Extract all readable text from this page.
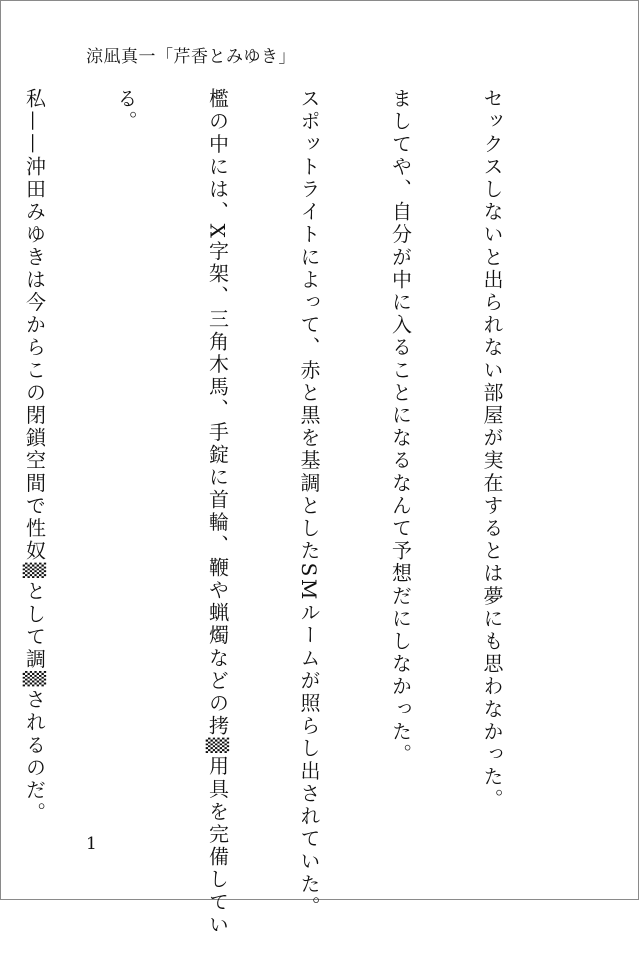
涼凪真一「芹香とみゆき」

セックスしないと出られない部屋が実在するとは夢にも思わなかった。

ましてや、自分が中に入ることになるなんて予想だにしなかった。

スポットライトによって、赤と黒を基調としたSMルームが照らし出されていた。

檻の中には、X字架、三角木馬、手錠に首輪、鞭や蝋燭などの拷▒用具を完備してい

る。

私——沖田みゆきは今からこの閉鎖空間で性奴▒として調▒されるのだ。

1
